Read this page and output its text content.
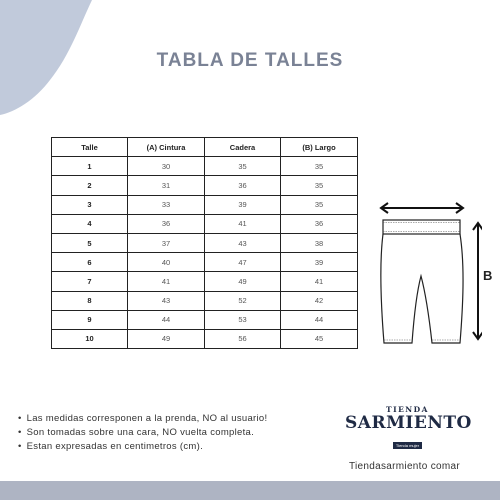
TABLA DE TALLES
Talle	(A) Cintura	Cadera	(B) Largo
1	30	35	35
2	31	36	35
3	33	39	35
4	36	41	36
5	37	43	38
6	40	47	39
7	41	49	41
8	43	52	42
9	44	53	44
10	49	56	45
B
• Las medidas corresponen a la prenda, NO al usuario!
• Son tomadas sobre una cara, NO vuelta completa.
• Estan expresadas en centimetros (cm).
TIENDA
SARMIENTO
Tienda mujer
Tiendasarmiento comar
